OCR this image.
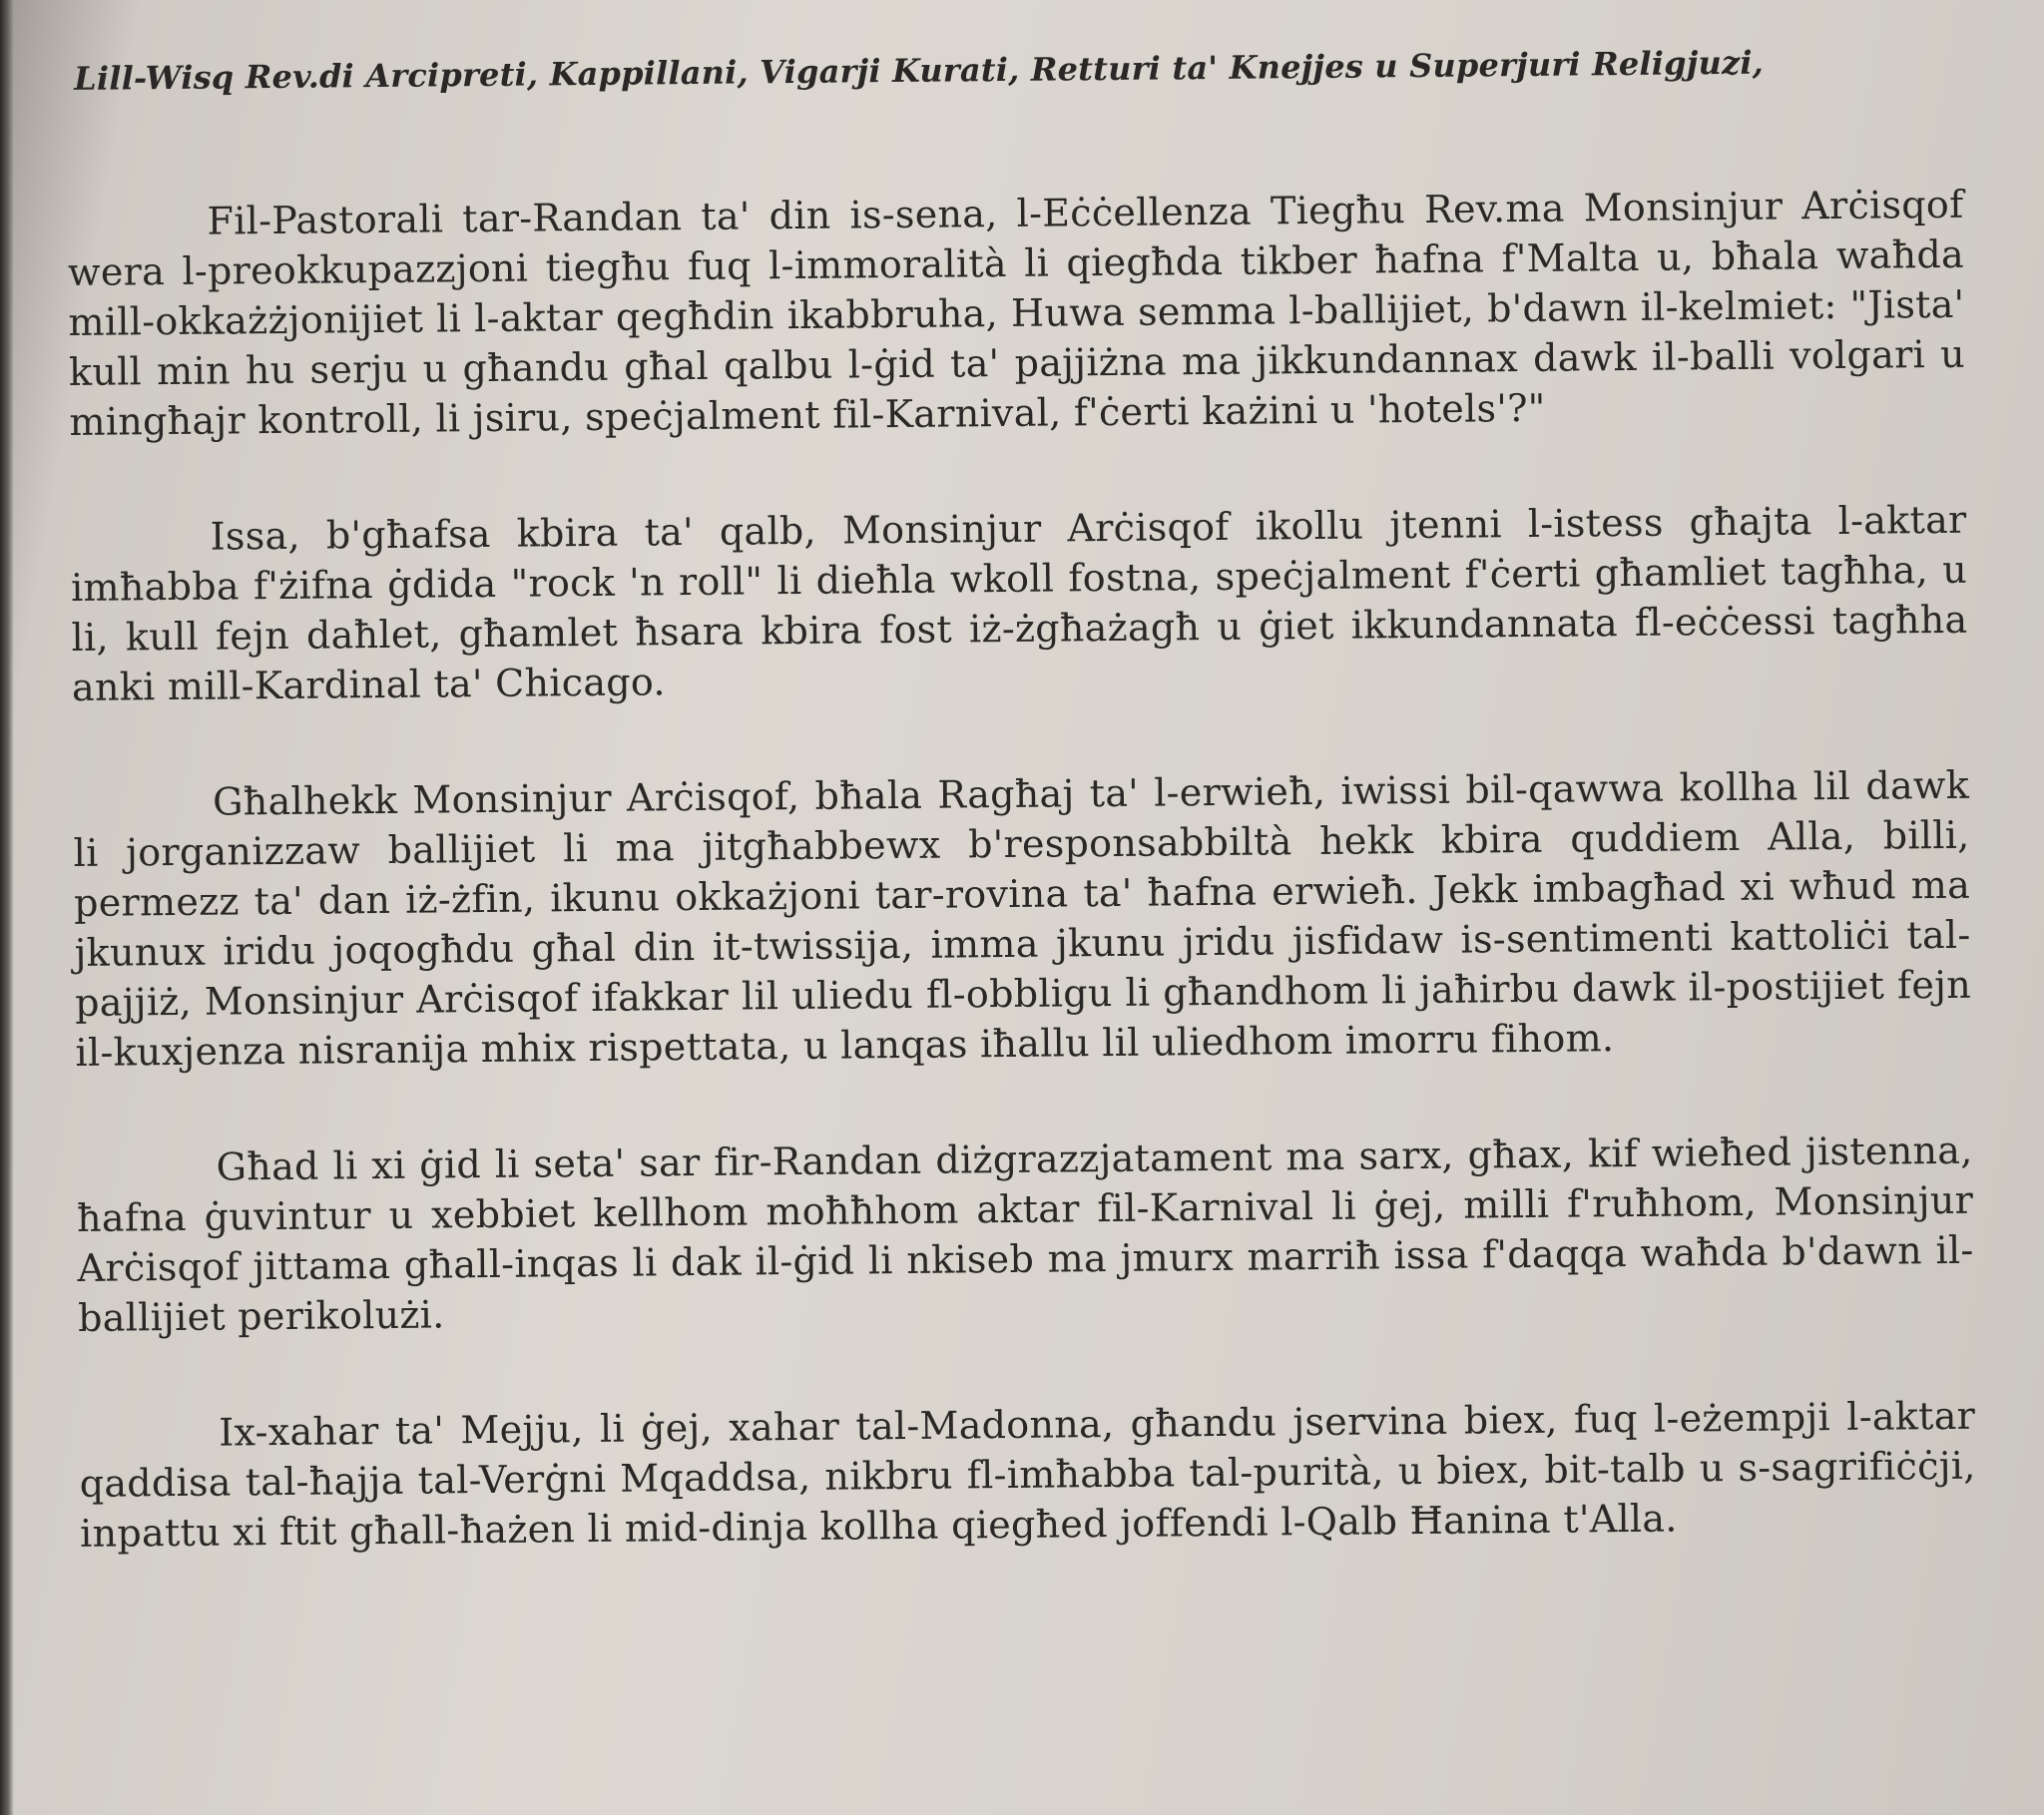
Lill-Wisq Rev.di Arcipreti, Kappillani, Vigarji Kurati, Retturi ta' Knejjes u Superjuri Religjuzi,

Fil-Pastorali tar-Randan ta' din is-sena, l-Eċċellenza Tiegħu Rev.ma Monsinjur Arċisqof wera l-preokkupazzjoni tiegħu fuq l-immoralità li qiegħda tikber ħafna f'Malta u, bħala waħda mill-okkażżjonijiet li l-aktar qegħdin ikabbruha, Huwa semma l-ballijiet, b'dawn il-kelmiet: "Jista' kull min hu serju u għandu għal qalbu l-ġid ta' pajjiżna ma jikkundannax dawk il-balli volgari u mingħajr kontroll, li jsiru, speċjalment fil-Karnival, f'ċerti każini u 'hotels'?"

Issa, b'għafsa kbira ta' qalb, Monsinjur Arċisqof ikollu jtenni l-istess għajta l-aktar imħabba f'żifna ġdida "rock 'n roll" li dieħla wkoll fostna, speċjalment f'ċerti għamliet tagħha, u li, kull fejn daħlet, għamlet ħsara kbira fost iż-żgħażagħ u ġiet ikkundannata fl-eċċessi tagħha anki mill-Kardinal ta' Chicago.

Għalhekk Monsinjur Arċisqof, bħala Ragħaj ta' l-erwieħ, iwissi bil-qawwa kollha lil dawk li jorganizzaw ballijiet li ma jitgħabbewx b'responsabbiltà hekk kbira quddiem Alla, billi, permezz ta' dan iż-żfin, ikunu okkażjoni tar-rovina ta' ħafna erwieħ. Jekk imbagħad xi wħud ma jkunux iridu joqogħdu għal din it-twissija, imma jkunu jridu jisfidaw is-sentimenti kattoliċi tal-pajjiż, Monsinjur Arċisqof ifakkar lil uliedu fl-obbligu li għandhom li jaħirbu dawk il-postijiet fejn il-kuxjenza nisranija mhix rispettata, u lanqas iħallu lil uliedhom imorru fihom.

Għad li xi ġid li seta' sar fir-Randan diżgrazzjatament ma sarx, għax, kif wieħed jistenna, ħafna ġuvintur u xebbiet kellhom moħħhom aktar fil-Karnival li ġej, milli f'ruħhom, Monsinjur Arċisqof jittama għall-inqas li dak il-ġid li nkiseb ma jmurx marriħ issa f'daqqa waħda b'dawn il-ballijiet perikolużi.

Ix-xahar ta' Mejju, li ġej, xahar tal-Madonna, għandu jservina biex, fuq l-eżempji l-aktar qaddisa tal-ħajja tal-Verġni Mqaddsa, nikbru fl-imħabba tal-purità, u biex, bit-talb u s-sagrifiċċji, inpattu xi ftit għall-ħażen li mid-dinja kollha qiegħed joffendi l-Qalb Ħanina t'Alla.
